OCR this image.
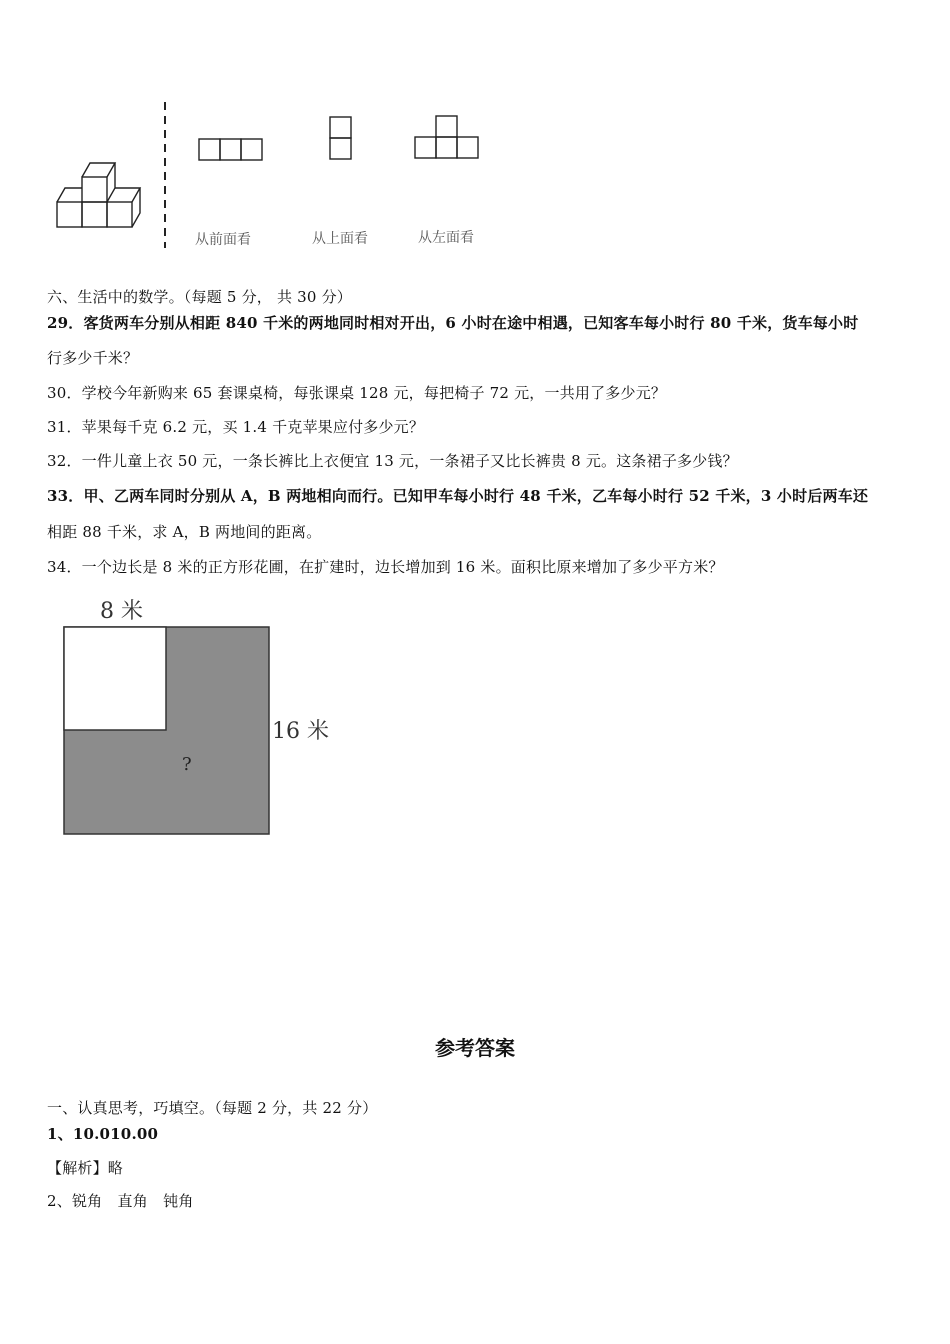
从前面看	从上面看	从左面看
六、生活中的数学。（每题 5 分， 共 30 分）
29．客货两车分别从相距 840 千米的两地同时相对开出，6 小时在途中相遇，已知客车每小时行 80 千米，货车每小时
行多少千米？
30．学校今年新购来 65 套课桌椅，每张课桌 128 元，每把椅子 72 元，一共用了多少元？
31．苹果每千克 6.2 元，买 1.4 千克苹果应付多少元？
32．一件儿童上衣 50 元，一条长裤比上衣便宜 13 元，一条裙子又比长裤贵 8 元。这条裙子多少钱？
33．甲、乙两车同时分别从 A，B 两地相向而行。已知甲车每小时行 48 千米，乙车每小时行 52 千米，3 小时后两车还
相距 88 千米，求 A，B 两地间的距离。
34．一个边长是 8 米的正方形花圃，在扩建时，边长增加到 16 米。面积比原来增加了多少平方米？
8 米
16 米
?
参考答案
一、认真思考，巧填空。（每题 2 分，共 22 分）
1、10.010.00
【解析】略
2、锐角　直角　钝角
